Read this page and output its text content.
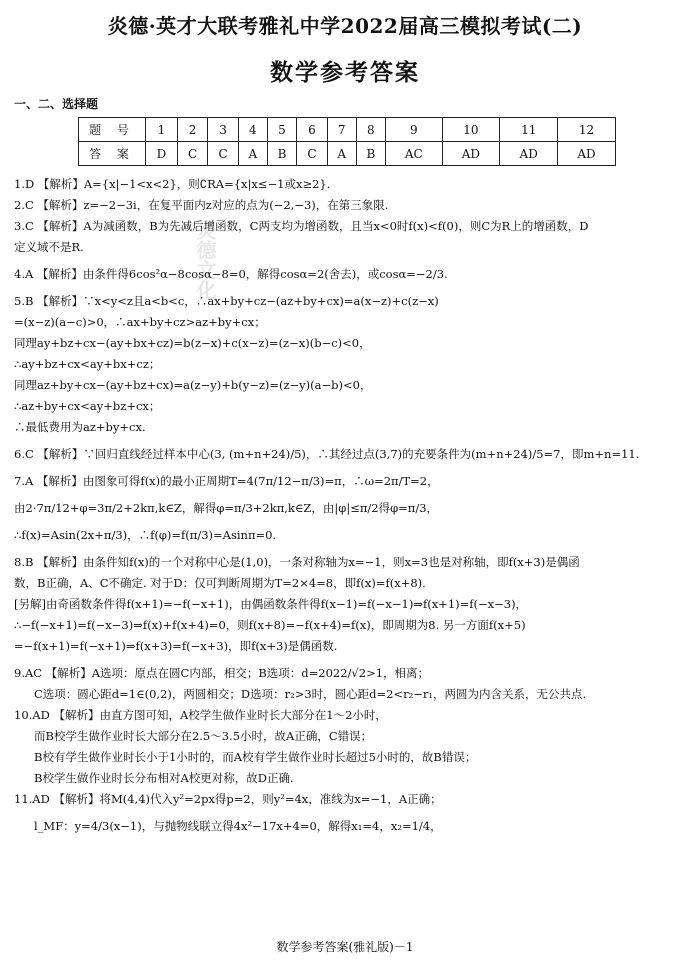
炎德·英才大联考雅礼中学2022届高三模拟考试(二)
数学参考答案
一、二、选择题
题 号	1	2	3	4	5	6	7	8	9	10	11	12
答 案	D	C	C	A	B	C	A	B	AC	AD	AD	AD
炎德文化

1.D 【解析】A={x|−1<x<2}，则∁RA={x|x≤−1或x≥2}.

2.C 【解析】z=−2−3i，在复平面内z对应的点为(−2,−3)，在第三象限.

3.C 【解析】A为减函数，B为先减后增函数，C两支均为增函数，且当x<0时f(x)<f(0)，则C为R上的增函数，D

定义域不是R.

4.A 【解析】由条件得6cos²α−8cosα−8=0，解得cosα=2(舍去)，或cosα=−2/3.

5.B 【解析】∵x<y<z且a<b<c，∴ax+by+cz−(az+by+cx)=a(x−z)+c(z−x)

=(x−z)(a−c)>0，∴ax+by+cz>az+by+cx；

同理ay+bz+cx−(ay+bx+cz)=b(z−x)+c(x−z)=(z−x)(b−c)<0，

∴ay+bz+cx<ay+bx+cz；

同理az+by+cx−(ay+bz+cx)=a(z−y)+b(y−z)=(z−y)(a−b)<0，

∴az+by+cx<ay+bz+cx；

∴最低费用为az+by+cx.

6.C 【解析】∵回归直线经过样本中心(3, (m+n+24)/5)，∴其经过点(3,7)的充要条件为(m+n+24)/5=7，即m+n=11.

7.A 【解析】由图象可得f(x)的最小正周期T=4(7π/12−π/3)=π，∴ω=2π/T=2，

由2·7π/12+φ=3π/2+2kπ,k∈Z，解得φ=π/3+2kπ,k∈Z，由|φ|≤π/2得φ=π/3，

∴f(x)=Asin(2x+π/3)，∴f(φ)=f(π/3)=Asinπ=0.

8.B 【解析】由条件知f(x)的一个对称中心是(1,0)，一条对称轴为x=−1，则x=3也是对称轴，即f(x+3)是偶函

数，B正确，A、C不确定. 对于D：仅可判断周期为T=2×4=8，即f(x)=f(x+8).

[另解]由奇函数条件得f(x+1)=−f(−x+1)，由偶函数条件得f(x−1)=f(−x−1)⇒f(x+1)=f(−x−3)，

∴−f(−x+1)=f(−x−3)⇒f(x)+f(x+4)=0，则f(x+8)=−f(x+4)=f(x)，即周期为8. 另一方面f(x+5)

=−f(x+1)=f(−x+1)⇒f(x+3)=f(−x+3)，即f(x+3)是偶函数.

9.AC 【解析】A选项：原点在圆C内部，相交；B选项：d=2022/√2>1，相离；

C选项：圆心距d=1∈(0,2)，两圆相交；D选项：r₂>3时，圆心距d=2<r₂−r₁，两圆为内含关系，无公共点.

10.AD 【解析】由直方图可知，A校学生做作业时长大部分在1～2小时，

而B校学生做作业时长大部分在2.5～3.5小时，故A正确，C错误；

B校有学生做作业时长小于1小时的，而A校有学生做作业时长超过5小时的，故B错误；

B校学生做作业时长分布相对A校更对称，故D正确.

11.AD 【解析】将M(4,4)代入y²=2px得p=2，则y²=4x，准线为x=−1，A正确；

l_MF：y=4/3(x−1)，与抛物线联立得4x²−17x+4=0，解得x₁=4，x₂=1/4，

数学参考答案(雅礼版)－1
